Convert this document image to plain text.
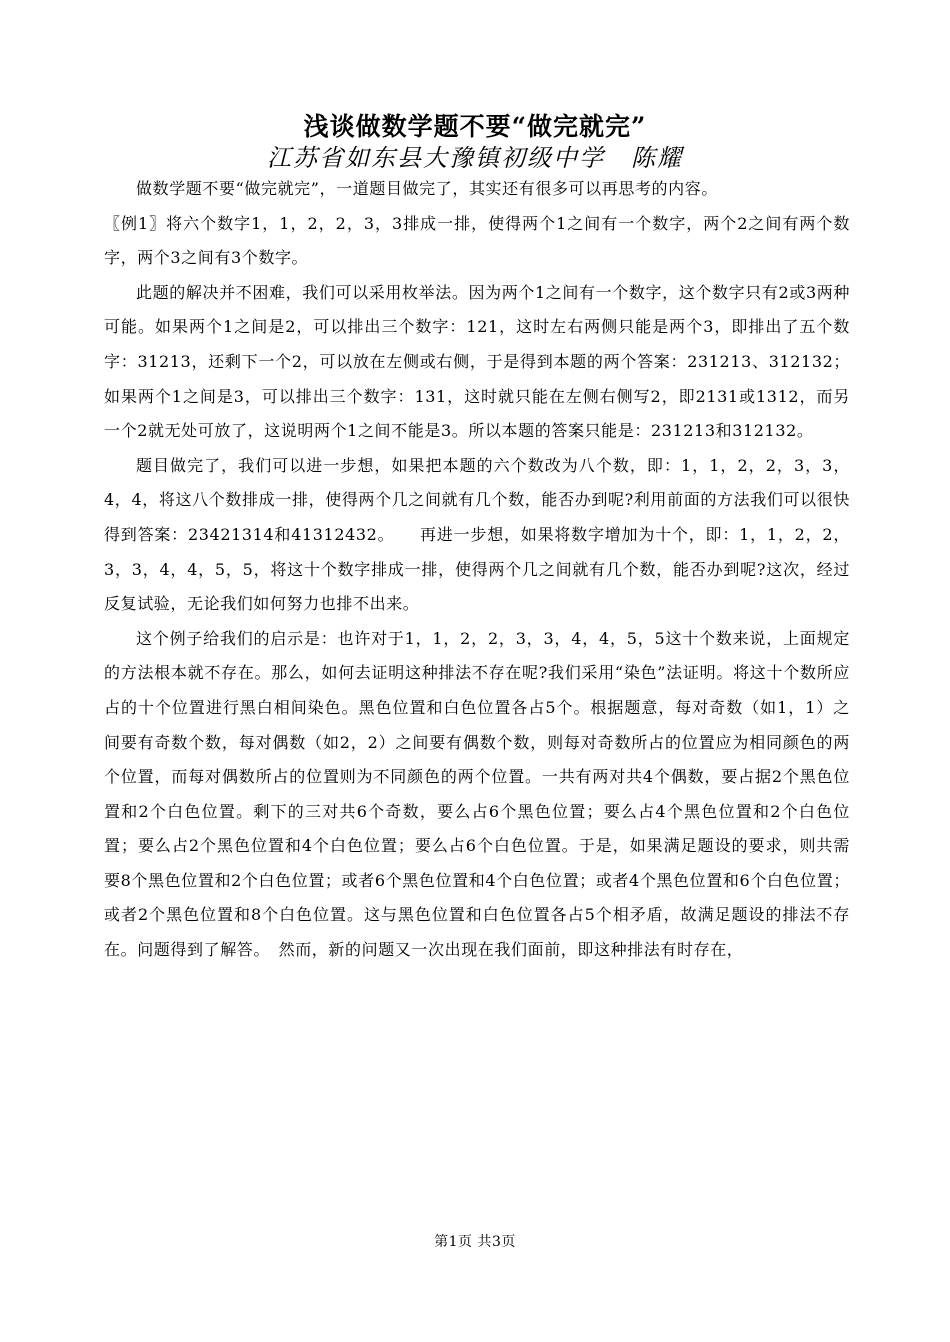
浅谈做数学题不要“做完就完”
江苏省如东县大豫镇初级中学　陈耀

做数学题不要“做完就完”，一道题目做完了，其实还有很多可以再思考的内容。

〖例1〗将六个数字1，1，2，2，3，3排成一排，使得两个1之间有一个数字，两个2之间有两个数字，两个3之间有3个数字。

此题的解决并不困难，我们可以采用枚举法。因为两个1之间有一个数字，这个数字只有2或3两种可能。如果两个1之间是2，可以排出三个数字：121，这时左右两侧只能是两个3，即排出了五个数字：31213，还剩下一个2，可以放在左侧或右侧，于是得到本题的两个答案：231213、312132；如果两个1之间是3，可以排出三个数字：131，这时就只能在左侧右侧写2，即2131或1312，而另一个2就无处可放了，这说明两个1之间不能是3。所以本题的答案只能是：231213和312132。

题目做完了，我们可以进一步想，如果把本题的六个数改为八个数，即：1，1，2，2，3，3，4，4，将这八个数排成一排，使得两个几之间就有几个数，能否办到呢?利用前面的方法我们可以很快得到答案：23421314和41312432。　　再进一步想，如果将数字增加为十个，即：1，1，2，2，3，3，4，4，5，5，将这十个数字排成一排，使得两个几之间就有几个数，能否办到呢?这次，经过反复试验，无论我们如何努力也排不出来。

这个例子给我们的启示是：也许对于1，1，2，2，3，3，4，4，5，5这十个数来说，上面规定的方法根本就不存在。那么，如何去证明这种排法不存在呢?我们采用“染色”法证明。将这十个数所应占的十个位置进行黑白相间染色。黑色位置和白色位置各占5个。根据题意，每对奇数（如1，1）之间要有奇数个数，每对偶数（如2，2）之间要有偶数个数，则每对奇数所占的位置应为相同颜色的两个位置，而每对偶数所占的位置则为不同颜色的两个位置。一共有两对共4个偶数，要占据2个黑色位置和2个白色位置。剩下的三对共6个奇数，要么占6个黑色位置；要么占4个黑色位置和2个白色位置；要么占2个黑色位置和4个白色位置；要么占6个白色位置。于是，如果满足题设的要求，则共需要8个黑色位置和2个白色位置；或者6个黑色位置和4个白色位置；或者4个黑色位置和6个白色位置；或者2个黑色位置和8个白色位置。这与黑色位置和白色位置各占5个相矛盾，故满足题设的排法不存在。问题得到了解答。　然而，新的问题又一次出现在我们面前，即这种排法有时存在，

第1页 共3页
